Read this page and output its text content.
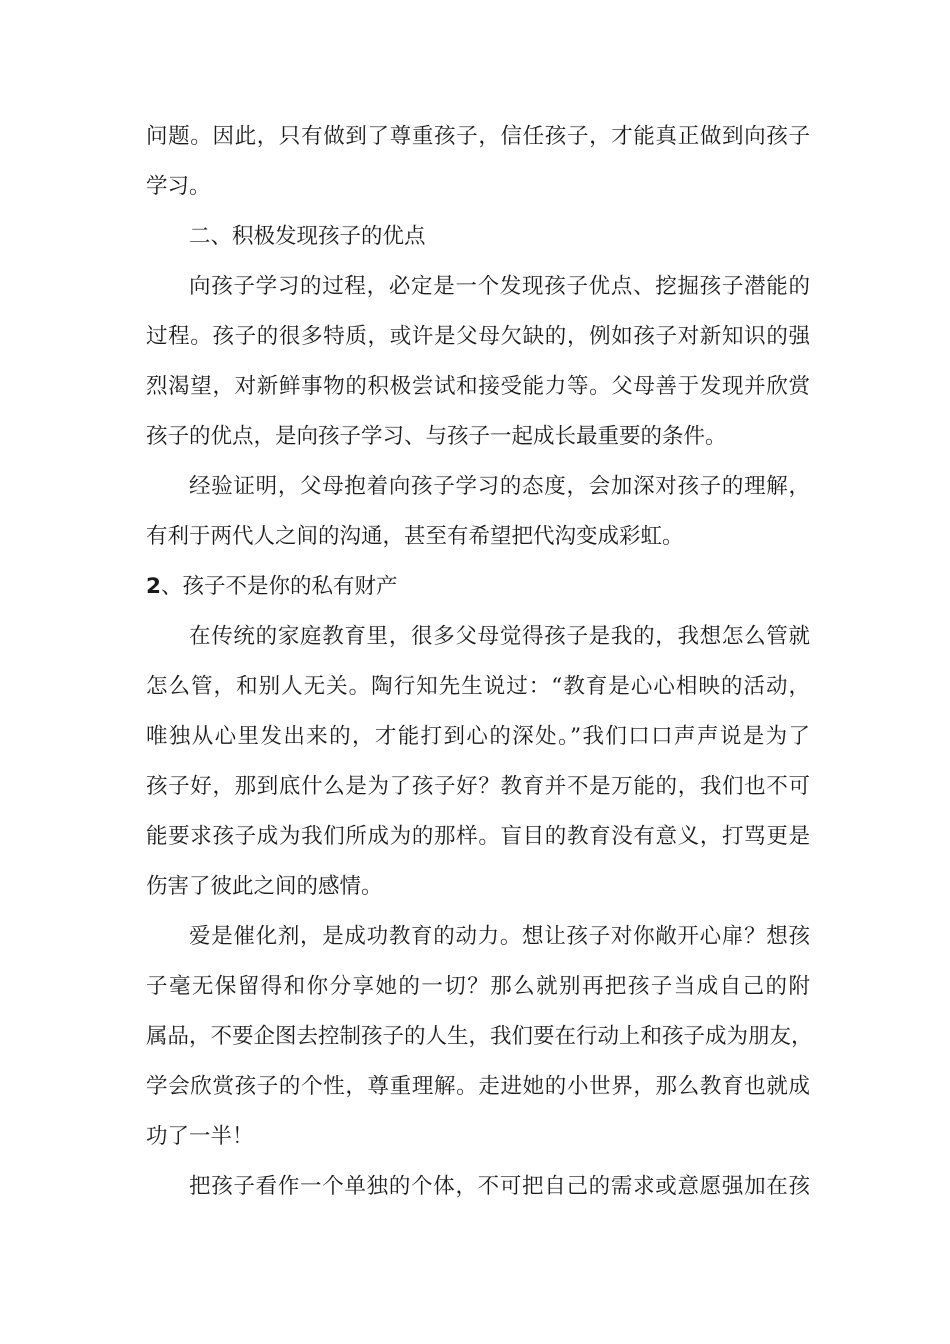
问题。因此，只有做到了尊重孩子，信任孩子，才能真正做到向孩子
学习。
二、积极发现孩子的优点
向孩子学习的过程，必定是一个发现孩子优点、挖掘孩子潜能的
过程。孩子的很多特质，或许是父母欠缺的，例如孩子对新知识的强
烈渴望，对新鲜事物的积极尝试和接受能力等。父母善于发现并欣赏
孩子的优点，是向孩子学习、与孩子一起成长最重要的条件。
经验证明，父母抱着向孩子学习的态度，会加深对孩子的理解，
有利于两代人之间的沟通，甚至有希望把代沟变成彩虹。
2、孩子不是你的私有财产
在传统的家庭教育里，很多父母觉得孩子是我的，我想怎么管就
怎么管，和别人无关。陶行知先生说过：“教育是心心相映的活动，
唯独从心里发出来的，才能打到心的深处。”我们口口声声说是为了
孩子好，那到底什么是为了孩子好？教育并不是万能的，我们也不可
能要求孩子成为我们所成为的那样。盲目的教育没有意义，打骂更是
伤害了彼此之间的感情。
爱是催化剂，是成功教育的动力。想让孩子对你敞开心扉？想孩
子毫无保留得和你分享她的一切？那么就别再把孩子当成自己的附
属品，不要企图去控制孩子的人生，我们要在行动上和孩子成为朋友，
学会欣赏孩子的个性，尊重理解。走进她的小世界，那么教育也就成
功了一半！
把孩子看作一个单独的个体，不可把自己的需求或意愿强加在孩
